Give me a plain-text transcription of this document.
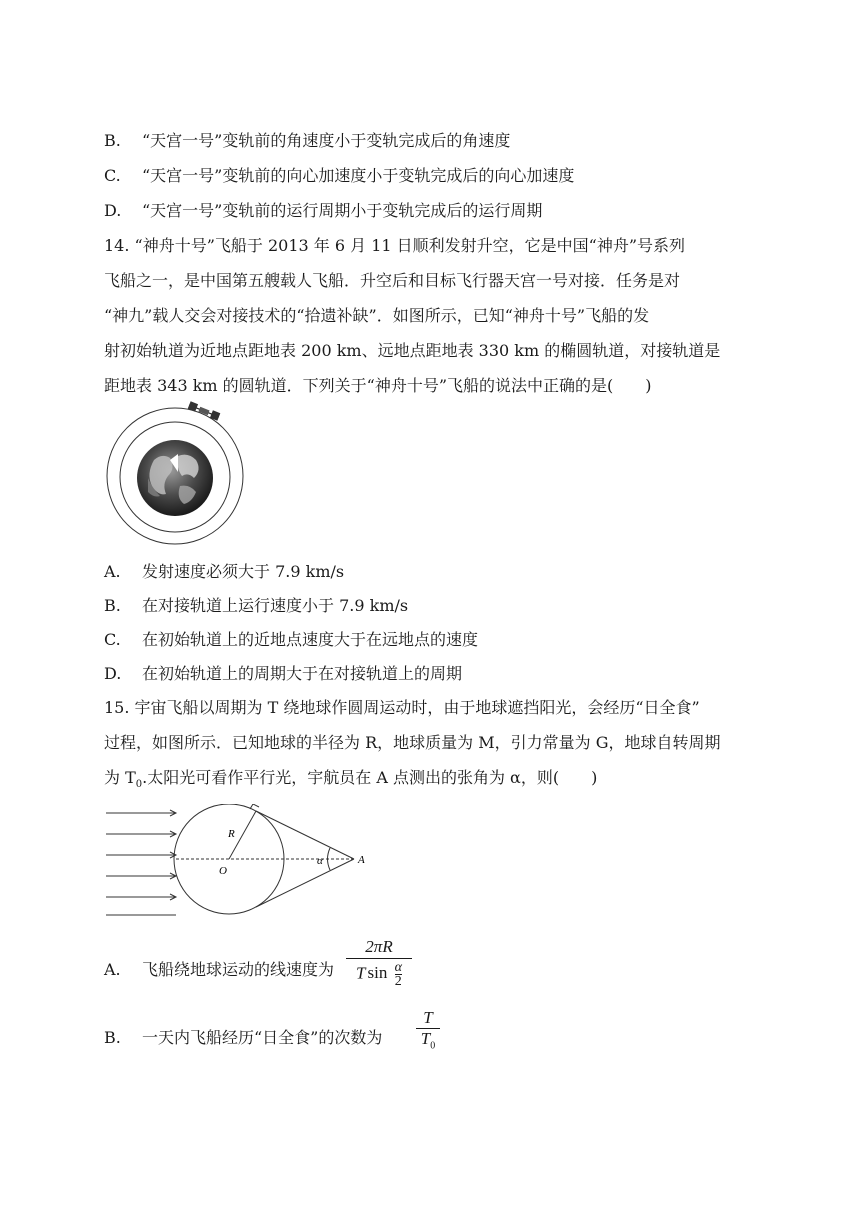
B. “天宫一号”变轨前的角速度小于变轨完成后的角速度
C. “天宫一号”变轨前的向心加速度小于变轨完成后的向心加速度
D. “天宫一号”变轨前的运行周期小于变轨完成后的运行周期
14. “神舟十号”飞船于 2013 年 6 月 11 日顺利发射升空，它是中国“神舟”号系列
飞船之一，是中国第五艘载人飞船．升空后和目标飞行器天宫一号对接．任务是对
“神九”载人交会对接技术的“拾遗补缺”．如图所示，已知“神舟十号”飞船的发
射初始轨道为近地点距地表 200 km、远地点距地表 330 km 的椭圆轨道，对接轨道是
距地表 343 km 的圆轨道．下列关于“神舟十号”飞船的说法中正确的是(　　)
A. 发射速度必须大于 7.9 km/s
B. 在对接轨道上运行速度小于 7.9 km/s
C. 在初始轨道上的近地点速度大于在远地点的速度
D. 在初始轨道上的周期大于在对接轨道上的周期
15. 宇宙飞船以周期为 T 绕地球作圆周运动时，由于地球遮挡阳光，会经历“日全食”
过程，如图所示．已知地球的半径为 R，地球质量为 M，引力常量为 G，地球自转周期
为 $T_0$.太阳光可看作平行光，宇航员在 A 点测出的张角为 α，则(　　)
R
O
α	A
A. 飞船绕地球运动的线速度为
2πR
T $\sin \frac{\alpha}{2}$
B. 一天内飞船经历“日全食”的次数为
T
$T_0$
